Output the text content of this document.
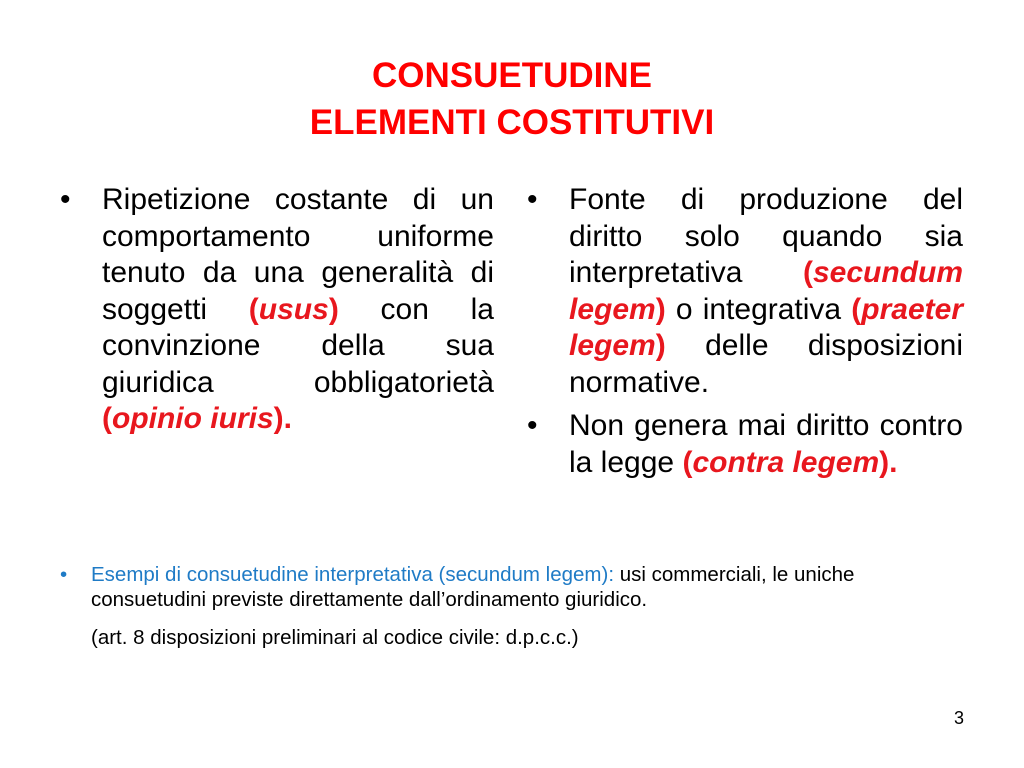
CONSUETUDINE
ELEMENTI COSTITUTIVI
•	Ripetizione costante di un comportamento uniforme tenuto da una generalità di soggetti (usus) con la convinzione della sua giuridica obbligatorietà (opinio iuris).
•	Fonte di produzione del diritto solo quando sia interpretativa (secundum legem) o integrativa (praeter legem) delle disposizioni normative.
•	Non genera mai diritto contro la legge (contra legem).
•	Esempi di consuetudine interpretativa (secundum legem): usi commerciali, le uniche consuetudini previste direttamente dall’ordinamento giuridico.
(art. 8 disposizioni preliminari al codice civile: d.p.c.c.)
3
